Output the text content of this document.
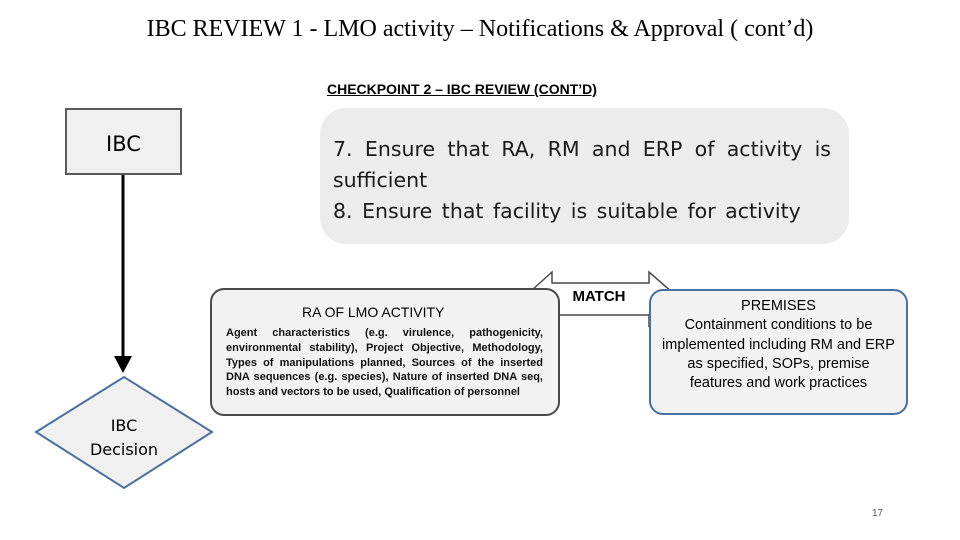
IBC REVIEW 1 - LMO activity – Notifications & Approval ( cont’d)
CHECKPOINT 2 – IBC REVIEW (CONT’D)
IBC	7. Ensure that RA, RM and ERP of activity is sufficient

8. Ensure that facility is suitable for activity

RA OF LMO ACTIVITY
Agent characteristics (e.g. virulence, pathogenicity, environmental stability), Project Objective, Methodology, Types of manipulations planned, Sources of the inserted DNA sequences (e.g. species), Nature of inserted DNA seq, hosts and vectors to be used, Qualification of personnel
MATCH
PREMISES
Containment conditions to be implemented including RM and ERP as specified, SOPs, premise features and work practices
IBC
Decision
17
